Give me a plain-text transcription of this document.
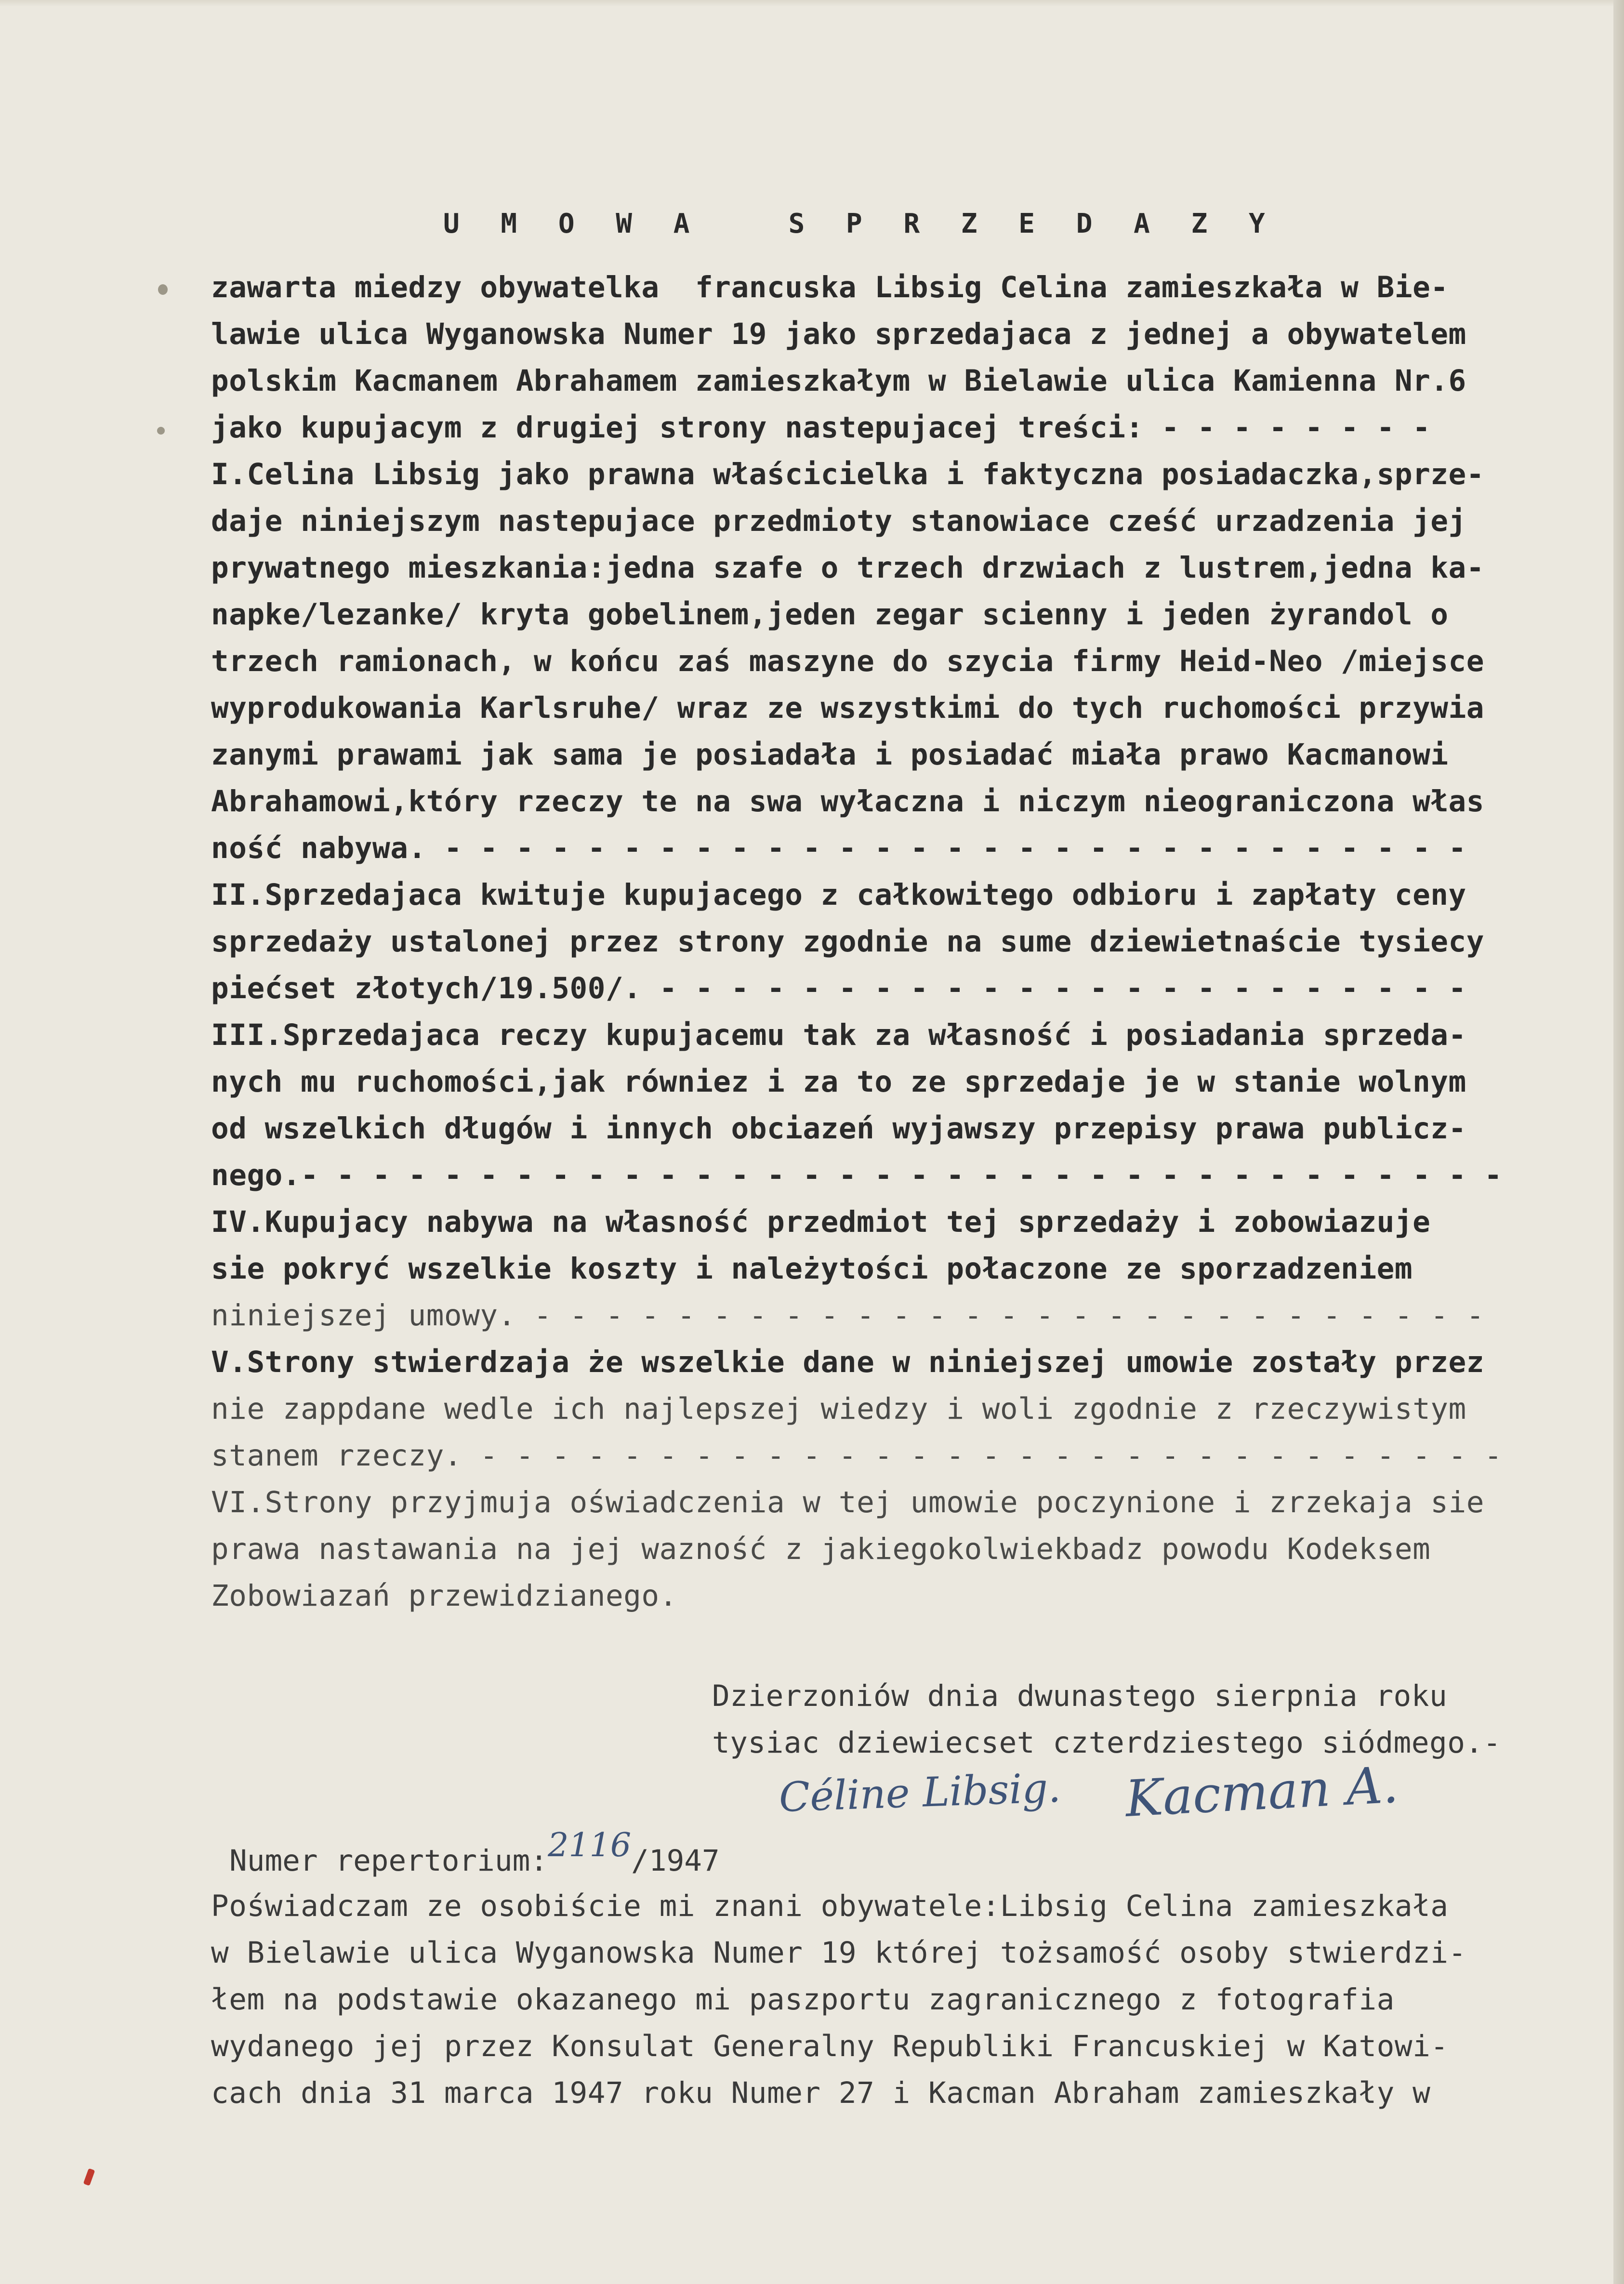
U M O W A   S P R Z E D A Z Y
zawarta miedzy obywatelka  francuska Libsig Celina zamieszkała w Bie-
lawie ulica Wyganowska Numer 19 jako sprzedajaca z jednej a obywatelem
polskim Kacmanem Abrahamem zamieszkałym w Bielawie ulica Kamienna Nr.6
jako kupujacym z drugiej strony nastepujacej treści: - - - - - - - -
I.Celina Libsig jako prawna właścicielka i faktyczna posiadaczka,sprze-
daje niniejszym nastepujace przedmioty stanowiace cześć urzadzenia jej
prywatnego mieszkania:jedna szafe o trzech drzwiach z lustrem,jedna ka-
napke/lezanke/ kryta gobelinem,jeden zegar scienny i jeden żyrandol o
trzech ramionach, w końcu zaś maszyne do szycia firmy Heid-Neo /miejsce
wyprodukowania Karlsruhe/ wraz ze wszystkimi do tych ruchomości przywia
zanymi prawami jak sama je posiadała i posiadać miała prawo Kacmanowi
Abrahamowi,który rzeczy te na swa wyłaczna i niczym nieograniczona włas
ność nabywa. - - - - - - - - - - - - - - - - - - - - - - - - - - - - -
II.Sprzedajaca kwituje kupujacego z całkowitego odbioru i zapłaty ceny
sprzedaży ustalonej przez strony zgodnie na sume dziewietnaście tysiecy
piećset złotych/19.500/. - - - - - - - - - - - - - - - - - - - - - - -
III.Sprzedajaca reczy kupujacemu tak za własność i posiadania sprzeda-
nych mu ruchomości,jak równiez i za to ze sprzedaje je w stanie wolnym
od wszelkich długów i innych obciazeń wyjawszy przepisy prawa publicz-
nego.- - - - - - - - - - - - - - - - - - - - - - - - - - - - - - - - - -
IV.Kupujacy nabywa na własność przedmiot tej sprzedaży i zobowiazuje
sie pokryć wszelkie koszty i należytości połaczone ze sporzadzeniem
niniejszej umowy. - - - - - - - - - - - - - - - - - - - - - - - - - - -
V.Strony stwierdzaja że wszelkie dane w niniejszej umowie zostały przez
nie zappdane wedle ich najlepszej wiedzy i woli zgodnie z rzeczywistym
stanem rzeczy. - - - - - - - - - - - - - - - - - - - - - - - - - - - - -
VI.Strony przyjmuja oświadczenia w tej umowie poczynione i zrzekaja sie
prawa nastawania na jej wazność z jakiegokolwiekbadz powodu Kodeksem
Zobowiazań przewidzianego.
Dzierzoniów dnia dwunastego sierpnia roku
tysiac dziewiecset czterdziestego siódmego.-
Céline Libsig. Kacman A.
Numer repertorium:2116/1947
Poświadczam ze osobiście mi znani obywatele:Libsig Celina zamieszkała
w Bielawie ulica Wyganowska Numer 19 której tożsamość osoby stwierdzi-
łem na podstawie okazanego mi paszportu zagranicznego z fotografia
wydanego jej przez Konsulat Generalny Republiki Francuskiej w Katowi-
cach dnia 31 marca 1947 roku Numer 27 i Kacman Abraham zamieszkały w
